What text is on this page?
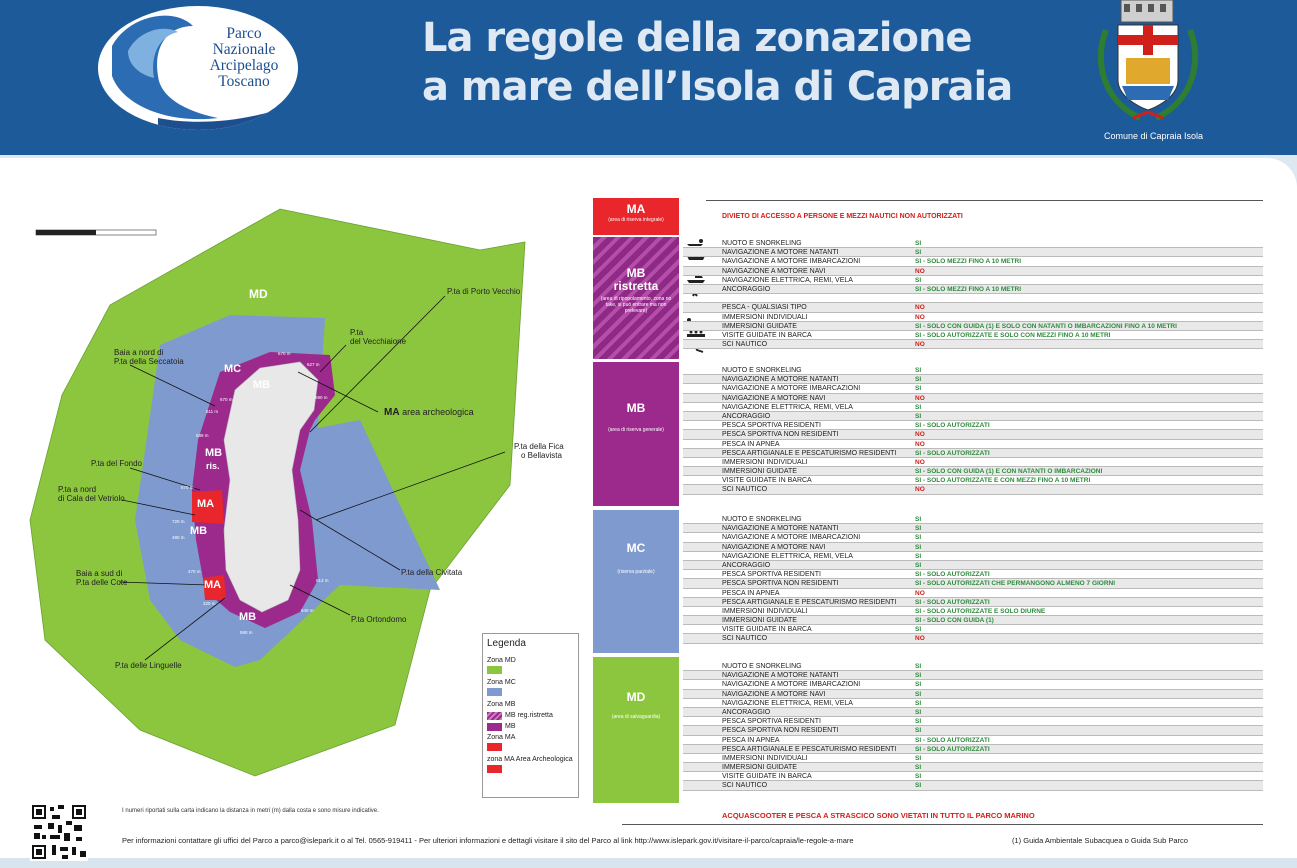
Parco
Nazionale
Arcipelago
Toscano
La regole della zonazione
a mare dell’Isola di Capraia
Comune di Capraia Isola
MD
MC
MB
MB
ris.
MA
MB
MA
MB
MA area archeologica
P.ta di Porto Vecchio
P.ta
del Vecchiaione
Baia a nord di
P.ta della Seccatoia
P.ta della Fica
o Bellavista
P.ta del Fondo
P.ta a nord
di Cala del Vetriolo
Baia a sud di
P.ta delle Cote
P.ta della Civitata
P.ta Ortondomo
P.ta delle Linguelle
670 m
627 m
590 m
670 m
611 m
589 m
670 m
720 m
490 m
470 m
320 m
590 m
640 m
613 m
Legenda
Zona MD
Zona MC
Zona MB
MB reg.ristretta
MB
Zona MA
zona MA Area Archeologica
I numeri riportati sulla carta indicano la distanza in metri (m) dalla costa e sono misure indicative.
Per informazioni contattare gli uffici del Parco a parco@islepark.it o al Tel. 0565-919411 - Per ulteriori informazioni e dettagli visitare il sito del Parco al link http://www.islepark.gov.it/visitare-il-parco/capraia/le-regole-a-mare	(1) Guida Ambientale Subacquea o Guida Sub Parco
MA
(area di riserva integrale)	DIVIETO DI ACCESSO A PERSONE E MEZZI NAUTICI NON AUTORIZZATI
MB
ristretta
(area di ripopolamento, zona no take, si può entrare ma non prelevare)
MB
(area di riserva generale)
MC
(riserva parziale)
MD
(area di salvaguardia)
NUOTO E SNORKELING	SI
NAVIGAZIONE A MOTORE NATANTI	SI
NAVIGAZIONE A MOTORE IMBARCAZIONI	SI - SOLO MEZZI FINO A 10 METRI
NAVIGAZIONE A MOTORE NAVI	NO
NAVIGAZIONE ELETTRICA, REMI, VELA	SI
ANCORAGGIO	SI - SOLO MEZZI FINO A 10 METRI
PESCA - QUALSIASI TIPO	NO
IMMERSIONI INDIVIDUALI	NO
IMMERSIONI GUIDATE	SI - SOLO CON GUIDA (1) E SOLO CON NATANTI O IMBARCAZIONI FINO A 10 METRI
VISITE GUIDATE IN BARCA	SI - SOLO AUTORIZZATE E SOLO CON MEZZI FINO A 10 METRI
SCI NAUTICO	NO
NUOTO E SNORKELING	SI
NAVIGAZIONE A MOTORE NATANTI	SI
NAVIGAZIONE A MOTORE IMBARCAZIONI	SI
NAVIGAZIONE A MOTORE NAVI	NO
NAVIGAZIONE ELETTRICA, REMI, VELA	SI
ANCORAGGIO	SI
PESCA SPORTIVA RESIDENTI	SI - SOLO AUTORIZZATI
PESCA SPORTIVA NON RESIDENTI	NO
PESCA IN APNEA	NO
PESCA ARTIGIANALE E PESCATURISMO RESIDENTI	SI - SOLO AUTORIZZATI
IMMERSIONI INDIVIDUALI	NO
IMMERSIONI GUIDATE	SI - SOLO CON GUIDA (1) E CON NATANTI O IMBARCAZIONI
VISITE GUIDATE IN BARCA	SI - SOLO AUTORIZZATE E CON MEZZI FINO A 10 METRI
SCI NAUTICO	NO
NUOTO E SNORKELING	SI
NAVIGAZIONE A MOTORE NATANTI	SI
NAVIGAZIONE A MOTORE IMBARCAZIONI	SI
NAVIGAZIONE A MOTORE NAVI	SI
NAVIGAZIONE ELETTRICA, REMI, VELA	SI
ANCORAGGIO	SI
PESCA SPORTIVA RESIDENTI	SI - SOLO AUTORIZZATI
PESCA SPORTIVA NON RESIDENTI	SI - SOLO AUTORIZZATI CHE PERMANGONO ALMENO 7 GIORNI
PESCA IN APNEA	NO
PESCA ARTIGIANALE E PESCATURISMO RESIDENTI	SI - SOLO AUTORIZZATI
IMMERSIONI INDIVIDUALI	SI - SOLO AUTORIZZATE E SOLO DIURNE
IMMERSIONI GUIDATE	SI - SOLO CON GUIDA (1)
VISITE GUIDATE IN BARCA	SI
SCI NAUTICO	NO
NUOTO E SNORKELING	SI
NAVIGAZIONE A MOTORE NATANTI	SI
NAVIGAZIONE A MOTORE IMBARCAZIONI	SI
NAVIGAZIONE A MOTORE NAVI	SI
NAVIGAZIONE ELETTRICA, REMI, VELA	SI
ANCORAGGIO	SI
PESCA SPORTIVA RESIDENTI	SI
PESCA SPORTIVA NON RESIDENTI	SI
PESCA IN APNEA	SI - SOLO AUTORIZZATI
PESCA ARTIGIANALE E PESCATURISMO RESIDENTI	SI - SOLO AUTORIZZATI
IMMERSIONI INDIVIDUALI	SI
IMMERSIONI GUIDATE	SI
VISITE GUIDATE IN BARCA	SI
SCI NAUTICO	SI
ACQUASCOOTER E PESCA A STRASCICO SONO VIETATI IN TUTTO IL PARCO MARINO
